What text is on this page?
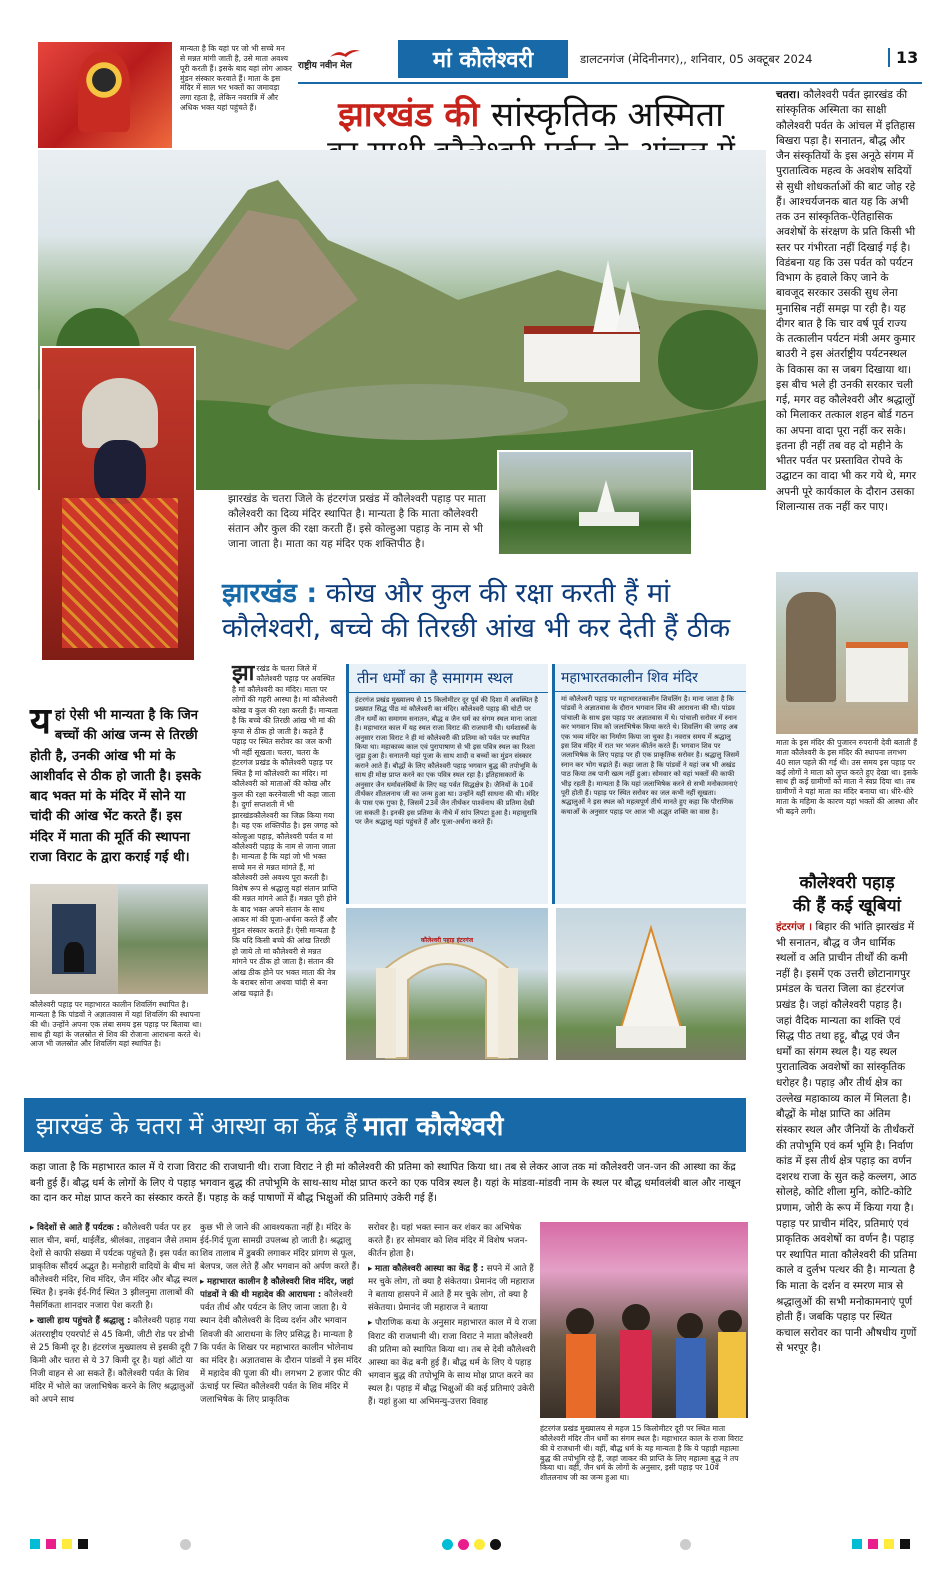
राष्ट्रीय नवीन मेल	मां कौलेश्वरी	डालटनगंज (मेदिनीनगर),, शनिवार, 05 अक्टूबर 2024	13
मान्यता है कि यहां पर जो भी सच्चे मन से मन्नत मांगी जाती है, उसे माता अवश्य पूरी करती हैं। इसके बाद यहां लोग आकर मुंडन संस्कार करवाते हैं। माता के इस मंदिर में साल भर भक्तों का जमावड़ा लगा रहता है, लेकिन नवरात्रि में और अधिक भक्त यहां पहुंचते हैं।	झारखंड की सांस्कृतिक अस्मिता
झारखंड के चतरा जिले के हंटरगंज प्रखंड में कौलेश्वरी पहाड़ पर माता कौलेश्वरी का दिव्य मंदिर स्थापित है। मान्यता है कि माता कौलेश्वरी संतान और कुल की रक्षा करती हैं। इसे कोल्हुआ पहाड़ के नाम से भी जाना जाता है। माता का यह मंदिर एक शक्तिपीठ है।
झारखंड : कोख और कुल की रक्षा करती हैं मां
कौलेश्वरी, बच्चे की तिरछी आंख भी कर देती हैं ठीक
य हां ऐसी भी मान्यता है कि जिन बच्चों की आंख जन्म से तिरछी होती है, उनकी आंख भी मां के आशीर्वाद से ठीक हो जाती है। इसके बाद भक्त मां के मंदिर में सोने या चांदी की आंख भेंट करते हैं। इस मंदिर में माता की मूर्ति की स्थापना राजा विराट के द्वारा कराई गई थी।
कौलेश्वरी पहाड़ पर महाभारत कालीन शिवलिंग स्थापित है। मान्यता है कि पांडवों ने अज्ञातवास में यहां शिवलिंग की स्थापना की थी। उन्होंने अपना एक लंबा समय इस पहाड़ पर बिताया था। साथ ही यहां के जलस्रोत से शिव की रोजाना आराधना करते थे। आज भी जलस्रोत और शिवलिंग यहां स्थापित है।
झा रखंड के चतरा जिले में कौलेश्वरी पहाड़ पर अवस्थित है मां कौलेश्वरी का मंदिर। माता पर लोगों की गहरी आस्था है। मां कौलेश्वरी कोख व कुल की रक्षा करती हैं। मान्यता है कि बच्चे की तिरछी आंख भी मां की कृपा से ठीक हो जाती है। कहते हैं पहाड़ पर स्थित सरोवर का जल कभी भी नहीं सूखता। चतरा, चतरा के हंटरगंज प्रखंड के कौलेश्वरी पहाड़ पर स्थित है मां कौलेश्वरी का मंदिर। मां कौलेश्वरी को माताओं की कोख और कुल की रक्षा करनेवाली भी कहा जाता है। दुर्गा सप्तशती में भी झारखंडकौलेश्वरी का जिक्र किया गया है। यह एक शक्तिपीठ है। इस जगह को कोल्हुआ पहाड़, कौलेश्वरी पर्वत व मां कौलेश्वरी पहाड़ के नाम से जाना जाता है। मान्यता है कि यहां जो भी भक्त सच्चे मन से मन्नत मांगते हैं, मां कौलेश्वरी उसे अवश्य पूरा करती है। विशेष रूप से श्रद्धालु यहां संतान प्राप्ति की मन्नत मांगने आते हैं। मन्नत पूरी होने के बाद भक्त अपने संतान के साथ आकर मां की पूजा-अर्चना करते हैं और मुंडन संस्कार कराते हैं। ऐसी मान्यता है कि यदि किसी बच्चे की आंख तिरछी हो जाये तो मां कौलेश्वरी से मन्नत मांगने पर ठीक हो जाता है। संतान की आंख ठीक होने पर भक्त माता की नेत्र के बराबर सोना अथवा चांदी से बना आंख चढ़ाते हैं।
तीन धर्मों का है समागम स्थल
हंटरगंज प्रखंड मुख्यालय से 15 किलोमीटर दूर पूर्व की दिशा में अवस्थित है प्रख्यात सिद्ध पीठ मां कौलेश्वरी का मंदिर। कौलेश्वरी पहाड़ की चोटी पर तीन धर्मों का समागम सनातन, बौद्ध व जैन धर्म का संगम स्थल माना जाता है। महाभारत काल में यह स्थल राजा विराट की राजधानी थी। धर्मशास्त्रों के अनुसार राजा विराट ने ही मां कौलेश्वरी की प्रतिमा को पर्वत पर स्थापित किया था। महाकाव्य काल एवं पुरापाषाण से भी इस पवित्र स्थल का रिश्ता जुड़ा हुआ है। सनातनी यहां पूजा के साथ शादी व बच्चों का मुंडन संस्कार कराने आते हैं। बौद्धों के लिए कौलेश्वरी पहाड़ भगवान बुद्ध की तपोभूमि के साथ ही मोक्ष प्राप्त करने का एक पवित्र स्थल रहा है। इतिहासकारों के अनुसार जैन धर्मावलंबियों के लिए यह पर्वत सिद्धक्षेत्र है। जैनियों के 10वें तीर्थंकर शीतलनाथ जी का जन्म हुआ था। उन्होंने यहीं साधना की थी। मंदिर के पास एक गुफा है, जिसमें 23वें जैन तीर्थंकर पार्श्वनाथ की प्रतिमा देखी जा सकती है। इनकी इस प्रतिमा के नीचे में सांप लिपटा हुआ है। महासुरात्रि पर जैन श्रद्धालु यहां पहुंचते हैं और पूजा-अर्चना करते हैं।
महाभारतकालीन शिव मंदिर
मां कौलेश्वरी पहाड़ पर महाभारतकालीन शिवलिंग है। माना जाता है कि पांडवों ने अज्ञातवास के दौरान भगवान शिव की आराधना की थी। पांडव पांचाली के साथ इस पहाड़ पर अज्ञातवास में थे। पांचाली सरोवर में स्नान कर भगवान शिव को जलाभिषेक किया करते थे। शिवलिंग की जगह अब एक भव्य मंदिर का निर्माण किया जा चुका है। नवरात्र समय में श्रद्धालु इस शिव मंदिर में रात भर भजन कीर्तन करते हैं। भगवान शिव पर जलाभिषेक के लिए पहाड़ पर ही एक प्राकृतिक सरोवर है। श्रद्धालु जिसमें स्नान कर भोग चढ़ाते हैं। कहा जाता है कि पांडवों ने यहां जब भी अखंड पाठ किया तब पानी खत्म नहीं हुआ। सोमवार को यहां भक्तों की काफी भीड़ रहती है। मान्यता है कि यहां जलाभिषेक करने से सभी मनोकामनाएं पूरी होती हैं। पहाड़ पर स्थित सरोवर का जल कभी नहीं सूखता। श्रद्धालुओं ने इस स्थल को महत्वपूर्ण तीर्थ मानते हुए कहा कि पौराणिक कथाओं के अनुसार पहाड़ पर आज भी अद्भुत शक्ति का वास है।
कौलेश्वरी पहाड़ हंटरगंज
झारखंड के चतरा में आस्था का केंद्र हैं माता कौलेश्वरी
कहा जाता है कि महाभारत काल में ये राजा विराट की राजधानी थी। राजा विराट ने ही मां कौलेश्वरी की प्रतिमा को स्थापित किया था। तब से लेकर आज तक मां कौलेश्वरी जन-जन की आस्था का केंद्र बनी हुई हैं। बौद्ध धर्म के लोगों के लिए ये पहाड़ भगवान बुद्ध की तपोभूमि के साथ-साथ मोक्ष प्राप्त करने का एक पवित्र स्थल है। यहां के मांडवा-मांडवी नाम के स्थल पर बौद्ध धर्मावलंबी बाल और नाखून का दान कर मोक्ष प्राप्त करने का संस्कार करते हैं। पहाड़ के कई पाषाणों में बौद्ध भिक्षुओं की प्रतिमाएं उकेरी गई हैं।

▸ विदेशों से आते हैं पर्यटक : कौलेश्वरी पर्वत पर हर साल चीन, बर्मा, थाईलैंड, श्रीलंका, ताइवान जैसे तमाम देशों से काफी संख्या में पर्यटक पहुंचते हैं। इस पर्वत का प्राकृतिक सौंदर्य अद्भुत है। मनोहारी वादियों के बीच मां कौलेश्वरी मंदिर, शिव मंदिर, जैन मंदिर और बौद्ध स्थल स्थित है। इनके ईर्द-गिर्द स्थित 3 झीलनुमा तालाबों की नैसर्गिकता शानदार नजारा पेश करती है।

▸ खाली हाथ पहुंचते हैं श्रद्धालु : कौलेश्वरी पहाड़ गया अंतरराष्ट्रीय एयरपोर्ट से 45 किमी, जीटी रोड पर डोभी से 25 किमी दूर है। हंटरगंज मुख्यालय से इसकी दूरी 7 किमी और चतरा से ये 37 किमी दूर है। यहां ऑटो या निजी वाहन से आ सकते हैं। कौलेश्वरी पर्वत के शिव मंदिर में भोले का जलाभिषेक करने के लिए श्रद्धालुओं को अपने साथ

कुछ भी ले जाने की आवश्यकता नहीं है। मंदिर के ईर्द-गिर्द पूजा सामग्री उपलब्ध हो जाती है। श्रद्धालु शिव तालाब में डुबकी लगाकर मंदिर प्रांगण से फूल, बेलपत्र, जल लेते हैं और भगवान को अर्पण करते हैं।

▸ महाभारत कालीन है कौलेश्वरी शिव मंदिर, जहां पांडवों ने की थी महादेव की आराधना : कौलेश्वरी पर्वत तीर्थ और पर्यटन के लिए जाना जाता है। ये स्थान देवी कौलेश्वरी के दिव्य दर्शन और भगवान शिवजी की आराधना के लिए प्रसिद्ध है। मान्यता है कि पर्वत के शिखर पर महाभारत कालीन भोलेनाथ का मंदिर है। अज्ञातवास के दौरान पांडवों ने इस मंदिर में महादेव की पूजा की थी। लगभग 2 हजार फीट की ऊंचाई पर स्थित कौलेश्वरी पर्वत के शिव मंदिर में जलाभिषेक के लिए प्राकृतिक

सरोवर है। यहां भक्त स्नान कर शंकर का अभिषेक करते हैं। हर सोमवार को शिव मंदिर में विशेष भजन-कीर्तन होता है।

▸ माता कौलेश्वरी आस्था का केंद्र हैं : सपने में आते हैं मर चुके लोग, तो क्या है संकेतया। प्रेमानंद जी महाराज ने बताया हासपने में आते हैं मर चुके लोग, तो क्या है संकेतया। प्रेमानंद जी महाराज ने बताया

▸ पौराणिक कथा के अनुसार महाभारत काल में ये राजा विराट की राजधानी थी। राजा विराट ने माता कौलेश्वरी की प्रतिमा को स्थापित किया था। तब से देवी कौलेश्वरी आस्था का केंद्र बनी हुई हैं। बौद्ध धर्म के लिए ये पहाड़ भगवान बुद्ध की तपोभूमि के साथ मोक्ष प्राप्त करने का स्थल है। पहाड़ में बौद्ध भिक्षुओं की कई प्रतिमाएं उकेरी हैं। यहां हुआ था अभिमन्यु-उत्तरा विवाह

हंटरगंज प्रखंड मुख्यालय से महज 15 किलोमीटर दूरी पर स्थित माता कौलेश्वरी मंदिर तीन धर्मों का संगम स्थल है। महाभारत काल के राजा विराट की ये राजधानी थी। वहीं, बौद्ध धर्म के यह मान्यता है कि ये पहाड़ी महात्मा बुद्ध की तपोभूमि रहे हैं, जहां जाकर की प्राप्ति के लिए महात्मा बुद्ध ने तप किया था। वहीं, जैन धर्म के लोगों के अनुसार, इसी पहाड़ पर 10वें शीतलनाथ जी का जन्म हुआ था।
चतरा। कौलेश्वरी पर्वत झारखंड की सांस्कृतिक अस्मिता का साक्षी कौलेश्वरी पर्वत के आंचल में इतिहास बिखरा पड़ा है। सनातन, बौद्ध और जैन संस्कृतियों के इस अनूठे संगम में पुरातात्विक महत्व के अवशेष सदियों से सुधी शोधकर्ताओं की बाट जोह रहे हैं। आश्चर्यजनक बात यह कि अभी तक उन सांस्कृतिक-ऐतिहासिक अवशेषों के संरक्षण के प्रति किसी भी स्तर पर गंभीरता नहीं दिखाई गई है। विडंबना यह कि उस पर्वत को पर्यटन विभाग के हवाले किए जाने के बावजूद सरकार उसकी सुध लेना मुनासिब नहीं समझ पा रही है। यह दीगर बात है कि चार वर्ष पूर्व राज्य के तत्कालीन पर्यटन मंत्री अमर कुमार बाउरी ने इस अंतर्राष्ट्रीय पर्यटनस्थल के विकास का स जबग दिखाया था। इस बीच भले ही उनकी सरकार चली गई, मगर वह कौलेश्वरी और श्रद्धालुों को मिलाकर तत्काल शहन बोर्ड गठन का अपना वादा पूरा नहीं कर सके। इतना ही नहीं तब वह दो महीने के भीतर पर्वत पर प्रस्तावित रोपवे के उद्घाटन का वादा भी कर गये थे, मगर अपनी पूरे कार्यकाल के दौरान उसका शिलान्यास तक नहीं कर पाए।
माता के इस मंदिर की पुजारन रुपरानी देवी बताती हैं माता कौलेश्वरी के इस मंदिर की स्थापना लगभग 40 साल पहले की गई थी। उस समय इस पहाड़ पर कई लोगों ने माता को लुप्त करते हुए देखा था। इसके साथ ही कई ग्रामीणों को माता ने स्वप्न दिया था। तब ग्रामीणों ने यहां माता का मंदिर बनाया था। धीरे-धीरे माता के महिमा के कारण यहां भक्तों की आस्था और भी बढ़ने लगी।
कौलेश्वरी पहाड़
की हैं कई खूबियां
हंटरगंज । बिहार की भांति झारखंड में भी सनातन, बौद्ध व जैन धार्मिक स्थलों व अति प्राचीन तीर्थों की कमी नहीं है। इसमें एक उत्तरी छोटानागपुर प्रमंडल के चतरा जिला का हंटरगंज प्रखंड है। जहां कौलेश्वरी पहाड़ है। जहां वैदिक मान्यता का शक्ति एवं सिद्ध पीठ तथा हट्टू, बौद्ध एवं जैन धर्मों का संगम स्थल है। यह स्थल पुरातात्विक अवशेषों का सांस्कृतिक धरोहर है। पहाड़ और तीर्थ क्षेत्र का उल्लेख महाकाव्य काल में मिलता है। बौद्धों के मोक्ष प्राप्ति का अंतिम संस्कार स्थल और जैनियों के तीर्थंकरों की तपोभूमि एवं कर्म भूमि है। निर्वाण कांड में इस तीर्थ क्षेत्र पहाड़ का वर्णन दशरथ राजा के सुत कहे कल्लग, आठ सोलहे, कोटि शीला मुनि, कोटि-कोटि प्रणाम, जोरी के रूप में किया गया है। पहाड़ पर प्राचीन मंदिर, प्रतिमाएं एवं प्राकृतिक अवशेषों का वर्णन है। पहाड़ पर स्थापित माता कौलेश्वरी की प्रतिमा काले व दुर्लभ पत्थर की है। मान्यता है कि माता के दर्शन व स्मरण मात्र से श्रद्धालुओं की सभी मनोकामनाएं पूर्ण होती हैं। जबकि पहाड़ पर स्थित कचाल सरोवर का पानी औषधीय गुणों से भरपूर है।
